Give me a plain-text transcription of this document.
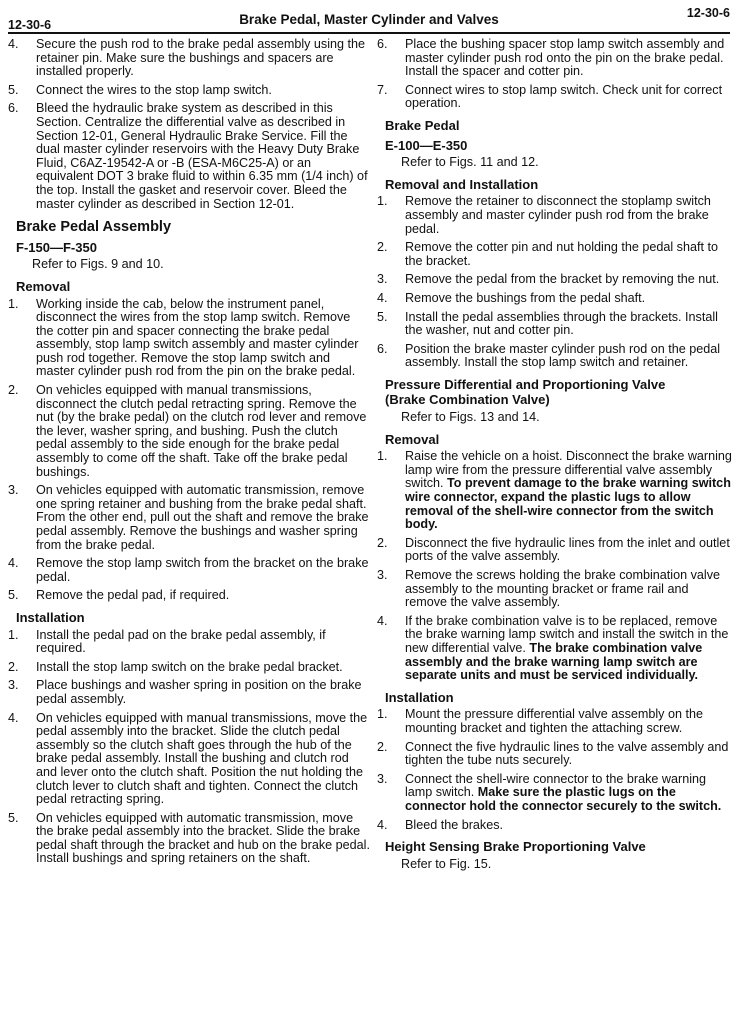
12-30-6	Brake Pedal, Master Cylinder and Valves	12-30-6
4.	Secure the push rod to the brake pedal assembly using the retainer pin. Make sure the bushings and spacers are installed properly.
5.	Connect the wires to the stop lamp switch.
6.	Bleed the hydraulic brake system as described in this Section. Centralize the differential valve as described in Section 12-01, General Hydraulic Brake Service. Fill the dual master cylinder reservoirs with the Heavy Duty Brake Fluid, C6AZ-19542-A or -B (ESA-M6C25-A) or an equivalent DOT 3 brake fluid to within 6.35 mm (1/4 inch) of the top. Install the gasket and reservoir cover. Bleed the master cylinder as described in Section 12-01.
Brake Pedal Assembly
F-150—F-350
Refer to Figs. 9 and 10.
Removal
1.	Working inside the cab, below the instrument panel, disconnect the wires from the stop lamp switch. Remove the cotter pin and spacer connecting the brake pedal assembly, stop lamp switch assembly and master cylinder push rod together. Remove the stop lamp switch and master cylinder push rod from the pin on the brake pedal.
2.	On vehicles equipped with manual transmissions, disconnect the clutch pedal retracting spring. Remove the nut (by the brake pedal) on the clutch rod lever and remove the lever, washer spring, and bushing. Push the clutch pedal assembly to the side enough for the brake pedal assembly to come off the shaft. Take off the brake pedal bushings.
3.	On vehicles equipped with automatic transmission, remove one spring retainer and bushing from the brake pedal shaft. From the other end, pull out the shaft and remove the brake pedal assembly. Remove the bushings and washer spring from the brake pedal.
4.	Remove the stop lamp switch from the bracket on the brake pedal.
5.	Remove the pedal pad, if required.
Installation
1.	Install the pedal pad on the brake pedal assembly, if required.
2.	Install the stop lamp switch on the brake pedal bracket.
3.	Place bushings and washer spring in position on the brake pedal assembly.
4.	On vehicles equipped with manual transmissions, move the pedal assembly into the bracket. Slide the clutch pedal assembly so the clutch shaft goes through the hub of the brake pedal assembly. Install the bushing and clutch rod and lever onto the clutch shaft. Position the nut holding the clutch lever to clutch shaft and tighten. Connect the clutch pedal retracting spring.
5.	On vehicles equipped with automatic transmission, move the brake pedal assembly into the bracket. Slide the brake pedal shaft through the bracket and hub on the brake pedal. Install bushings and spring retainers on the shaft.
6.	Place the bushing spacer stop lamp switch assembly and master cylinder push rod onto the pin on the brake pedal. Install the spacer and cotter pin.
7.	Connect wires to stop lamp switch. Check unit for correct operation.
Brake Pedal
E-100—E-350
Refer to Figs. 11 and 12.
Removal and Installation
1.	Remove the retainer to disconnect the stoplamp switch assembly and master cylinder push rod from the brake pedal.
2.	Remove the cotter pin and nut holding the pedal shaft to the bracket.
3.	Remove the pedal from the bracket by removing the nut.
4.	Remove the bushings from the pedal shaft.
5.	Install the pedal assemblies through the brackets. Install the washer, nut and cotter pin.
6.	Position the brake master cylinder push rod on the pedal assembly. Install the stop lamp switch and retainer.
Pressure Differential and Proportioning Valve
(Brake Combination Valve)
Refer to Figs. 13 and 14.
Removal
1.	Raise the vehicle on a hoist. Disconnect the brake warning lamp wire from the pressure differential valve assembly switch. To prevent damage to the brake warning switch wire connector, expand the plastic lugs to allow removal of the shell-wire connector from the switch body.
2.	Disconnect the five hydraulic lines from the inlet and outlet ports of the valve assembly.
3.	Remove the screws holding the brake combination valve assembly to the mounting bracket or frame rail and remove the valve assembly.
4.	If the brake combination valve is to be replaced, remove the brake warning lamp switch and install the switch in the new differential valve. The brake combination valve assembly and the brake warning lamp switch are separate units and must be serviced individually.
Installation
1.	Mount the pressure differential valve assembly on the mounting bracket and tighten the attaching screw.
2.	Connect the five hydraulic lines to the valve assembly and tighten the tube nuts securely.
3.	Connect the shell-wire connector to the brake warning lamp switch. Make sure the plastic lugs on the connector hold the connector securely to the switch.
4.	Bleed the brakes.
Height Sensing Brake Proportioning Valve
Refer to Fig. 15.
